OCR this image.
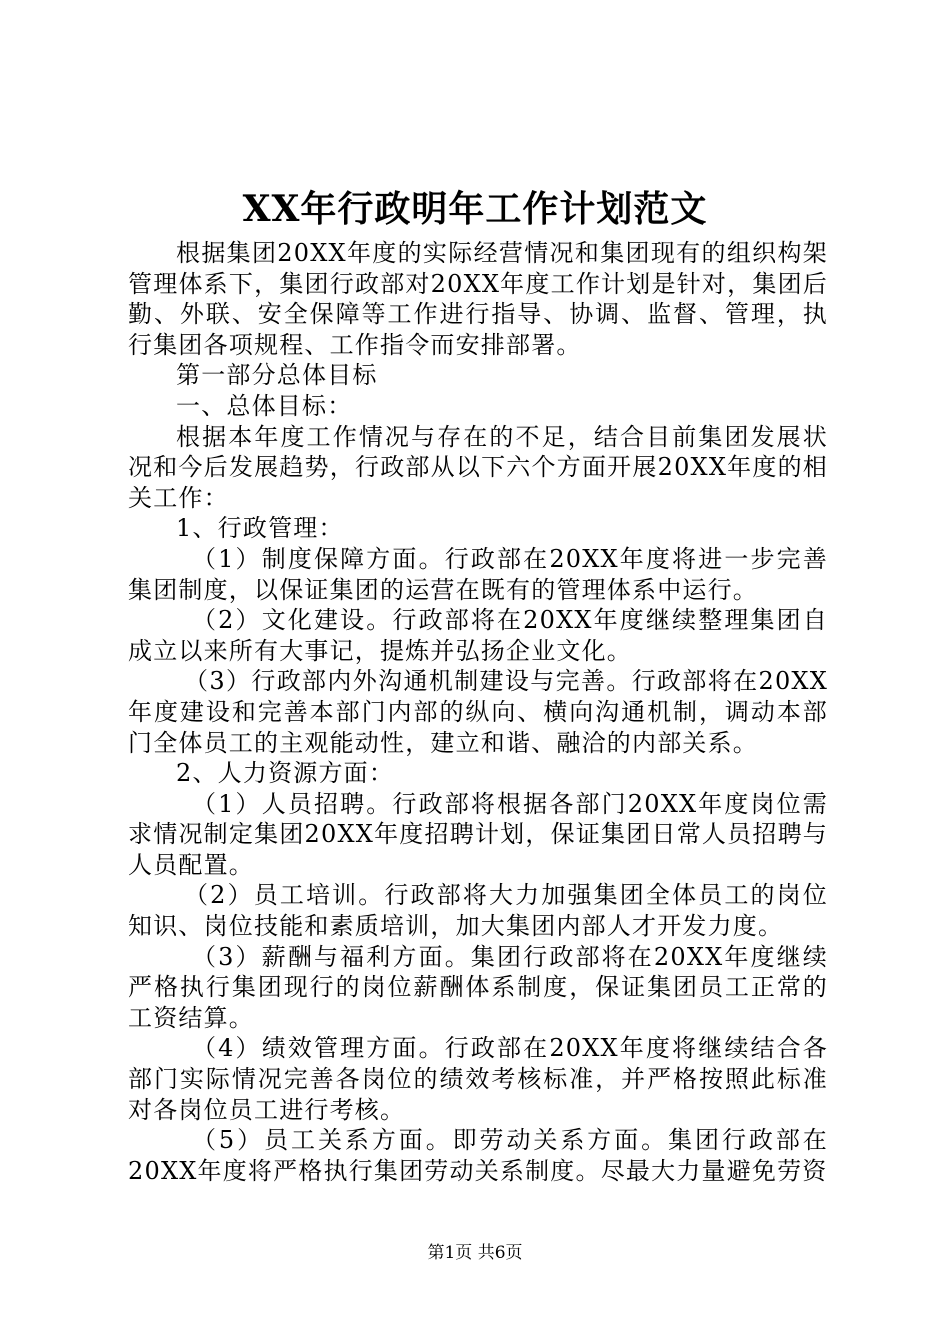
XX年行政明年工作计划范文

根据集团20XX年度的实际经营情况和集团现有的组织构架管理体系下，集团行政部对20XX年度工作计划是针对，集团后勤、外联、安全保障等工作进行指导、协调、监督、管理，执行集团各项规程、工作指令而安排部署。

第一部分总体目标

一、总体目标：

根据本年度工作情况与存在的不足，结合目前集团发展状况和今后发展趋势，行政部从以下六个方面开展20XX年度的相关工作：

1、行政管理：

（1）制度保障方面。行政部在20XX年度将进一步完善集团制度，以保证集团的运营在既有的管理体系中运行。

（2）文化建设。行政部将在20XX年度继续整理集团自成立以来所有大事记，提炼并弘扬企业文化。

（3）行政部内外沟通机制建设与完善。行政部将在20XX年度建设和完善本部门内部的纵向、横向沟通机制，调动本部门全体员工的主观能动性，建立和谐、融洽的内部关系。

2、人力资源方面：

（1）人员招聘。行政部将根据各部门20XX年度岗位需求情况制定集团20XX年度招聘计划，保证集团日常人员招聘与人员配置。

（2）员工培训。行政部将大力加强集团全体员工的岗位知识、岗位技能和素质培训，加大集团内部人才开发力度。

（3）薪酬与福利方面。集团行政部将在20XX年度继续严格执行集团现行的岗位薪酬体系制度，保证集团员工正常的工资结算。

（4）绩效管理方面。行政部在20XX年度将继续结合各部门实际情况完善各岗位的绩效考核标准，并严格按照此标准对各岗位员工进行考核。

（5）员工关系方面。即劳动关系方面。集团行政部在20XX年度将严格执行集团劳动关系制度。尽最大力量避免劳资

第1页 共6页
